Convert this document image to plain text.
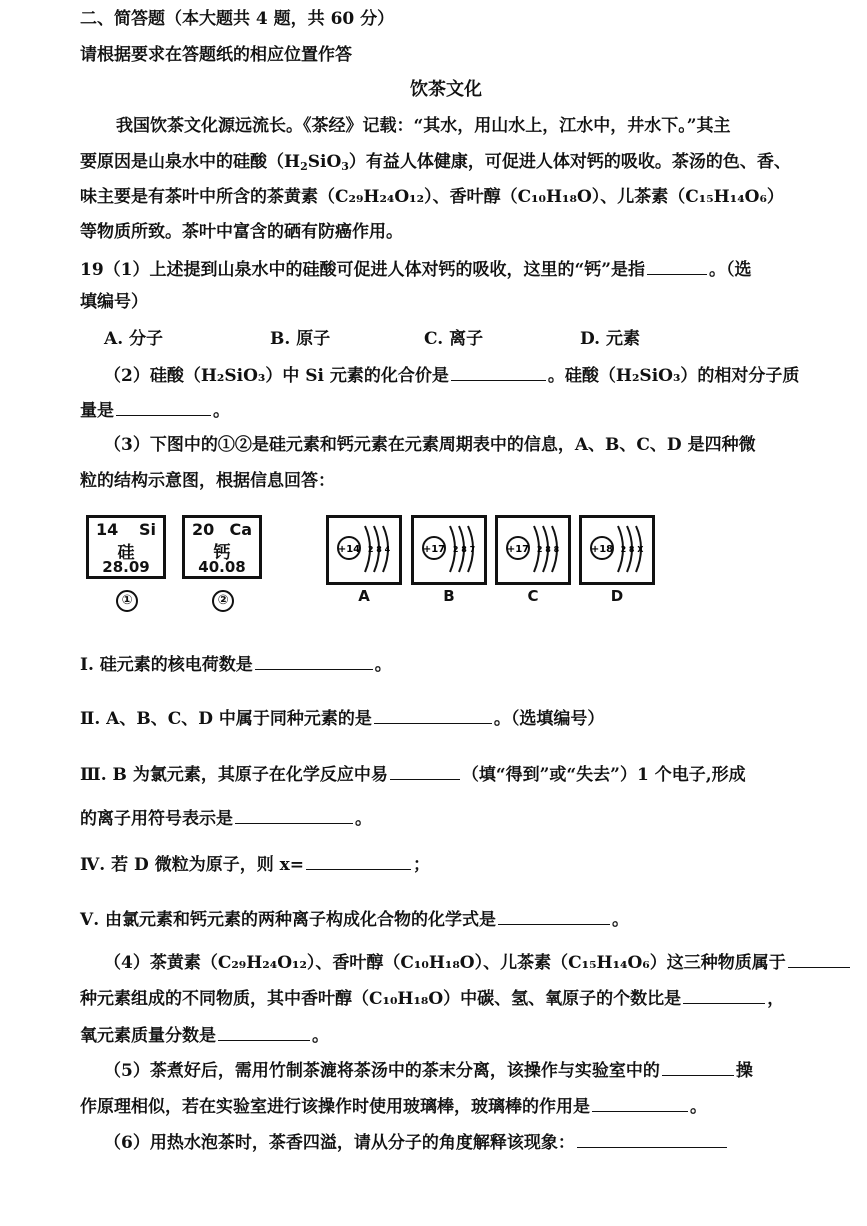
二、简答题（本大题共 4 题，共 60 分）
请根据要求在答题纸的相应位置作答
饮茶文化
我国饮茶文化源远流长。《茶经》记载：“其水，用山水上，江水中，井水下。”其主
要原因是山泉水中的硅酸$(H_2SiO_3)$有益人体健康，可促进人体对钙的吸收。茶汤的色、香、
味主要是有茶叶中所含的茶黄素（C₂₉H₂₄O₁₂）、香叶醇（C₁₀H₁₈O）、儿茶素（C₁₅H₁₄O₆）
等物质所致。茶叶中富含的硒有防癌作用。
19（1）上述提到山泉水中的硅酸可促进人体对钙的吸收，这里的“钙”是指	。（选
填编号）
A. 分子	B. 原子	C. 离子	D. 元素
（2）硅酸（H₂SiO₃）中 Si 元素的化合价是	。硅酸（H₂SiO₃）的相对分子质
量是	。
（3）下图中的①②是硅元素和钙元素在元素周期表中的信息，A、B、C、D 是四种微
粒的结构示意图，根据信息回答：
14 Si
硅
28.09
20 Ca
钙
40.08
①	②
+14 2 8 4
A
+17 2 8 7
B
+17 2 8 8
C
+18 2 8 X
D
Ⅰ. 硅元素的核电荷数是	。
Ⅱ. A、B、C、D 中属于同种元素的是	。（选填编号）
Ⅲ. B 为氯元素，其原子在化学反应中易	（填“得到”或“失去”）1 个电子,形成
的离子用符号表示是	。
Ⅳ. 若 D 微粒为原子，则 x=	；
Ⅴ. 由氯元素和钙元素的两种离子构成化合物的化学式是	。
（4）茶黄素（C₂₉H₂₄O₁₂）、香叶醇（C₁₀H₁₈O）、儿茶素（C₁₅H₁₄O₆）这三种物质属于
种元素组成的不同物质，其中香叶醇（C₁₀H₁₈O）中碳、氢、氧原子的个数比是	，
氧元素质量分数是	。
（5）茶煮好后，需用竹制茶漉将茶汤中的茶末分离，该操作与实验室中的	操
作原理相似，若在实验室进行该操作时使用玻璃棒，玻璃棒的作用是	。
（6）用热水泡茶时，茶香四溢，请从分子的角度解释该现象：
